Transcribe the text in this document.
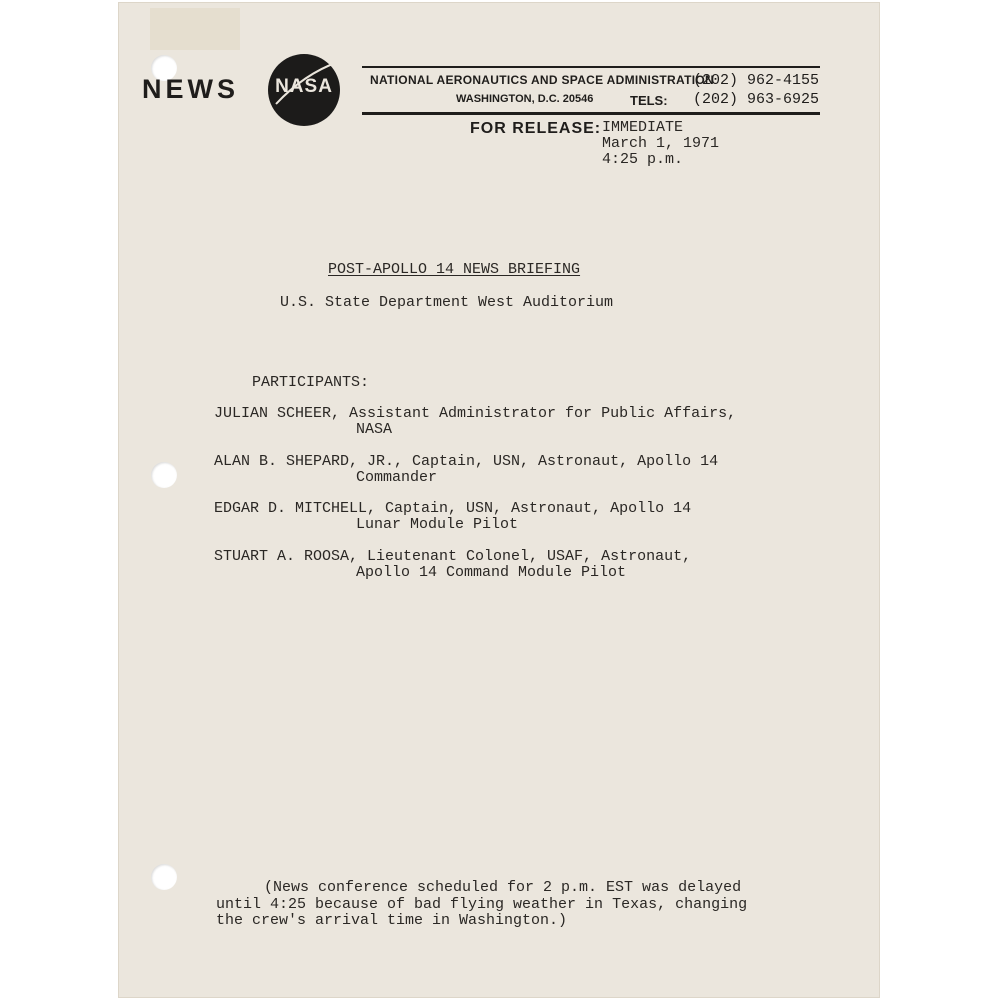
NEWS	NASA	NATIONAL AERONAUTICS AND SPACE ADMINISTRATION
(202) 962-4155
WASHINGTON, D.C. 20546	TELS: (202) 963-6925
FOR RELEASE: IMMEDIATE
March 1, 1971
4:25 p.m.
POST-APOLLO 14 NEWS BRIEFING
U.S. State Department West Auditorium
PARTICIPANTS:
JULIAN SCHEER, Assistant Administrator for Public Affairs,
NASA
ALAN B. SHEPARD, JR., Captain, USN, Astronaut, Apollo 14
Commander
EDGAR D. MITCHELL, Captain, USN, Astronaut, Apollo 14
Lunar Module Pilot
STUART A. ROOSA, Lieutenant Colonel, USAF, Astronaut,
Apollo 14 Command Module Pilot
(News conference scheduled for 2 p.m. EST was delayed
until 4:25 because of bad flying weather in Texas, changing
the crew's arrival time in Washington.)
